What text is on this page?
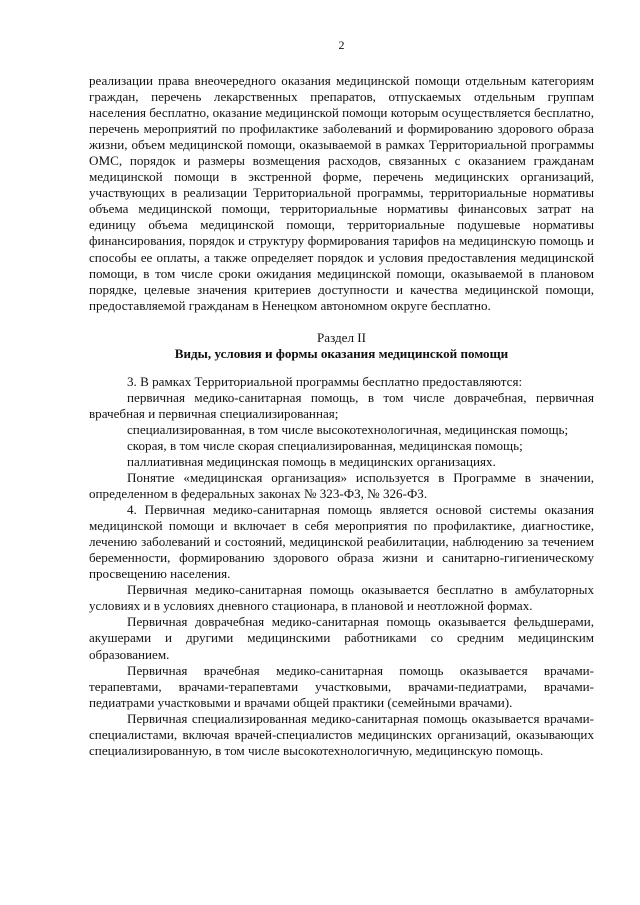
2

реализации права внеочередного оказания медицинской помощи отдельным категориям граждан, перечень лекарственных препаратов, отпускаемых отдельным группам населения бесплатно, оказание медицинской помощи которым осуществляется бесплатно, перечень мероприятий по профилактике заболеваний и формированию здорового образа жизни, объем медицинской помощи, оказываемой в рамках Территориальной программы ОМС, порядок и размеры возмещения расходов, связанных с оказанием гражданам медицинской помощи в экстренной форме, перечень медицинских организаций, участвующих в реализации Территориальной программы, территориальные нормативы объема медицинской помощи, территориальные нормативы финансовых затрат на единицу объема медицинской помощи, территориальные подушевые нормативы финансирования, порядок и структуру формирования тарифов на медицинскую помощь и способы ее оплаты, а также определяет порядок и условия предоставления медицинской помощи, в том числе сроки ожидания медицинской помощи, оказываемой в плановом порядке, целевые значения критериев доступности и качества медицинской помощи, предоставляемой гражданам в Ненецком автономном округе бесплатно.

Раздел II
Виды, условия и формы оказания медицинской помощи

3. В рамках Территориальной программы бесплатно предоставляются:

первичная медико-санитарная помощь, в том числе доврачебная, первичная врачебная и первичная специализированная;

специализированная, в том числе высокотехнологичная, медицинская помощь;

скорая, в том числе скорая специализированная, медицинская помощь;

паллиативная медицинская помощь в медицинских организациях.

Понятие «медицинская организация» используется в Программе в значении, определенном в федеральных законах № 323-ФЗ, № 326-ФЗ.

4. Первичная медико-санитарная помощь является основой системы оказания медицинской помощи и включает в себя мероприятия по профилактике, диагностике, лечению заболеваний и состояний, медицинской реабилитации, наблюдению за течением беременности, формированию здорового образа жизни и санитарно-гигиеническому просвещению населения.

Первичная медико-санитарная помощь оказывается бесплатно в амбулаторных условиях и в условиях дневного стационара, в плановой и неотложной формах.

Первичная доврачебная медико-санитарная помощь оказывается фельдшерами, акушерами и другими медицинскими работниками со средним медицинским образованием.

Первичная врачебная медико-санитарная помощь оказывается врачами-терапевтами, врачами-терапевтами участковыми, врачами-педиатрами, врачами-педиатрами участковыми и врачами общей практики (семейными врачами).

Первичная специализированная медико-санитарная помощь оказывается врачами-специалистами, включая врачей-специалистов медицинских организаций, оказывающих специализированную, в том числе высокотехнологичную, медицинскую помощь.
